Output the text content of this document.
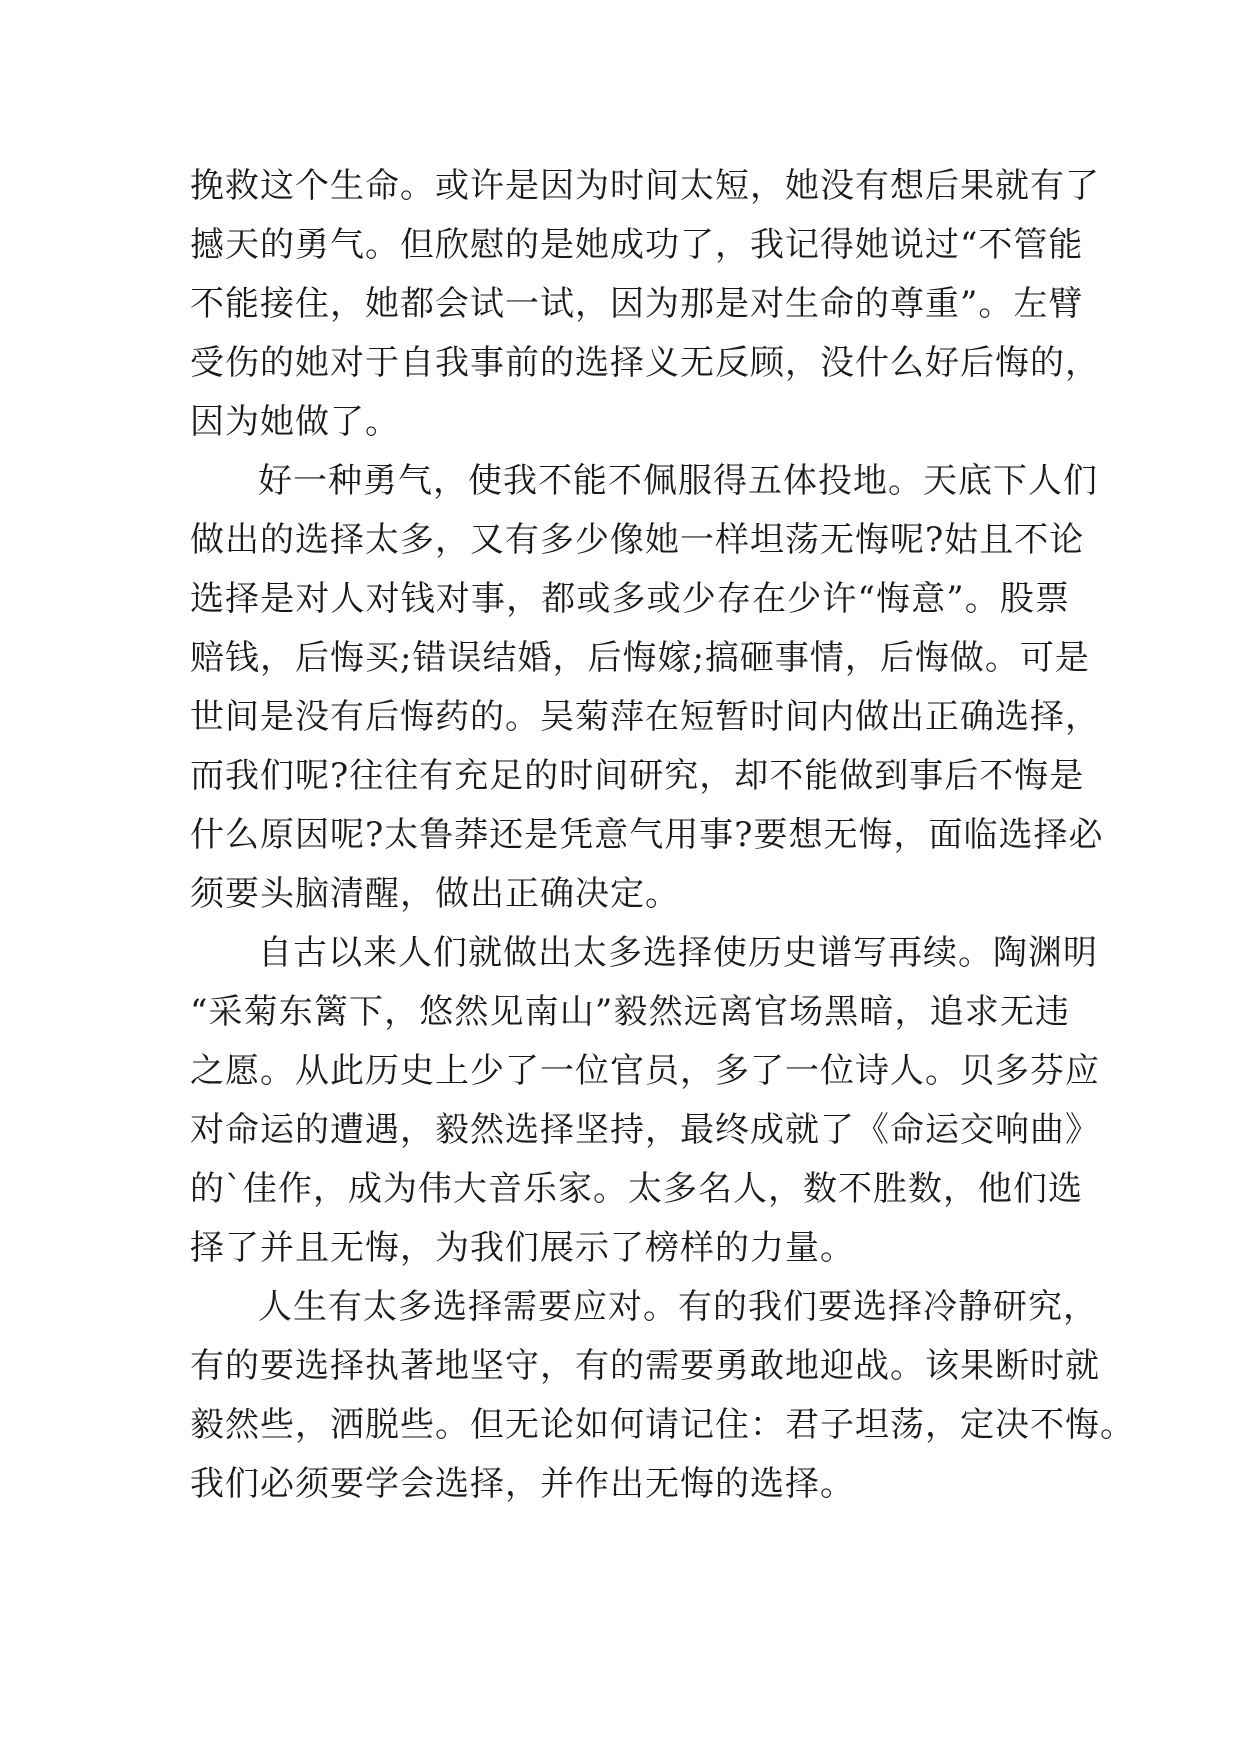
挽救这个生命。或许是因为时间太短，她没有想后果就有了
撼天的勇气。但欣慰的是她成功了，我记得她说过“不管能
不能接住，她都会试一试，因为那是对生命的尊重”。左臂
受伤的她对于自我事前的选择义无反顾，没什么好后悔的，
因为她做了。
好一种勇气，使我不能不佩服得五体投地。天底下人们
做出的选择太多，又有多少像她一样坦荡无悔呢?姑且不论
选择是对人对钱对事，都或多或少存在少许“悔意”。股票
赔钱，后悔买;错误结婚，后悔嫁;搞砸事情，后悔做。可是
世间是没有后悔药的。吴菊萍在短暂时间内做出正确选择，
而我们呢?往往有充足的时间研究，却不能做到事后不悔是
什么原因呢?太鲁莽还是凭意气用事?要想无悔，面临选择必
须要头脑清醒，做出正确决定。
自古以来人们就做出太多选择使历史谱写再续。陶渊明
“采菊东篱下，悠然见南山”毅然远离官场黑暗，追求无违
之愿。从此历史上少了一位官员，多了一位诗人。贝多芬应
对命运的遭遇，毅然选择坚持，最终成就了《命运交响曲》
的`佳作，成为伟大音乐家。太多名人，数不胜数，他们选
择了并且无悔，为我们展示了榜样的力量。
人生有太多选择需要应对。有的我们要选择冷静研究，
有的要选择执著地坚守，有的需要勇敢地迎战。该果断时就
毅然些，洒脱些。但无论如何请记住：君子坦荡，定决不悔。
我们必须要学会选择，并作出无悔的选择。
